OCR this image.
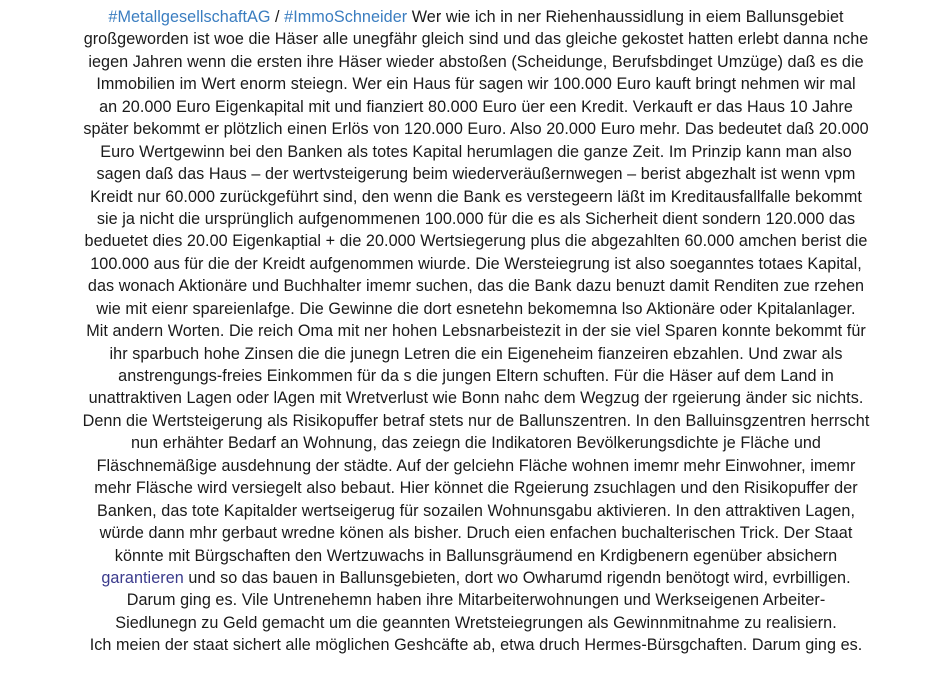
#MetallgesellschaftAG / #ImmoSchneider Wer wie ich in ner Riehenhaussidlung in eiem Ballunsgebiet
großgeworden ist woe die Häser alle unegfähr gleich sind und das gleiche gekostet hatten erlebt danna nche
iegen Jahren wenn die ersten ihre Häser wieder abstoßen (Scheidunge, Berufsbdinget Umzüge) daß es die
Immobilien im Wert enorm steiegn. Wer ein Haus für sagen wir 100.000 Euro kauft bringt nehmen wir mal
an 20.000 Euro Eigenkapital mit und fianziert 80.000 Euro üer een Kredit. Verkauft er das Haus 10 Jahre
später bekommt er plötzlich einen Erlös von 120.000 Euro. Also 20.000 Euro mehr. Das bedeutet daß 20.000
Euro Wertgewinn bei den Banken als totes Kapital herumlagen die ganze Zeit. Im Prinzip kann man also
sagen daß das Haus – der wertvsteigerung beim wiederveräußernwegen – berist abgezhalt ist wenn vpm
Kreidt nur 60.000 zurückgeführt sind, den wenn die Bank es verstegeern läßt im Kreditausfallfalle bekommt
sie ja nicht die ursprünglich aufgenommenen 100.000 für die es als Sicherheit dient sondern 120.000 das
beduetet dies 20.00 Eigenkaptial + die 20.000 Wertsiegerung plus die abgezahlten 60.000 amchen berist die
100.000 aus für die der Kreidt aufgenommen wiurde. Die Wersteiegrung ist also soeganntes totaes Kapital,
das wonach Aktionäre und Buchhalter imemr suchen, das die Bank dazu benuzt damit Renditen zue rzehen
wie mit eienr spareienlafge. Die Gewinne die dort esnetehn bekomemna lso Aktionäre oder Kpitalanlager.
Mit andern Worten. Die reich Oma mit ner hohen Lebsnarbeistezit in der sie viel Sparen konnte bekommt für
ihr sparbuch hohe Zinsen die die junegn Letren die ein Eigeneheim fianzeiren ebzahlen. Und zwar als
anstrengungs-freies Einkommen für da s die jungen Eltern schuften. Für die Häser auf dem Land in
unattraktiven Lagen oder lAgen mit Wretverlust wie Bonn nahc dem Wegzug der rgeierung änder sic nichts.
Denn die Wertsteigerung als Risikopuffer betraf stets nur de Ballunszentren. In den Balluinsgzentren herrscht
nun erhähter Bedarf an Wohnung, das zeiegn die Indikatoren Bevölkerungsdichte je Fläche und
Fläschnemäßige ausdehnung der städte. Auf der gelciehn Fläche wohnen imemr mehr Einwohner, imemr
mehr Fläsche wird versiegelt also bebaut. Hier könnet die Rgeierung zsuchlagen und den Risikopuffer der
Banken, das tote Kapitalder wertseigerug für sozailen Wohnunsgabu aktivieren. In den attraktiven Lagen,
würde dann mhr gerbaut wredne könen als bisher. Druch eien enfachen buchalterischen Trick. Der Staat
könnte mit Bürgschaften den Wertzuwachs in Ballunsgräumend en Krdigbenern egenüber absichern
garantieren und so das bauen in Ballunsgebieten, dort wo Owharumd rigendn benötogt wird, evrbilligen.
Darum ging es. Vile Untrenehemn haben ihre Mitarbeiterwohnungen und Werkseigenen Arbeiter-
Siedlunegn zu Geld gemacht um die geannten Wretsteiegrungen als Gewinnmitnahme zu realisiern.
Ich meien der staat sichert alle möglichen Geshcäfte ab, etwa druch Hermes-Bürsgchaften. Darum ging es.
